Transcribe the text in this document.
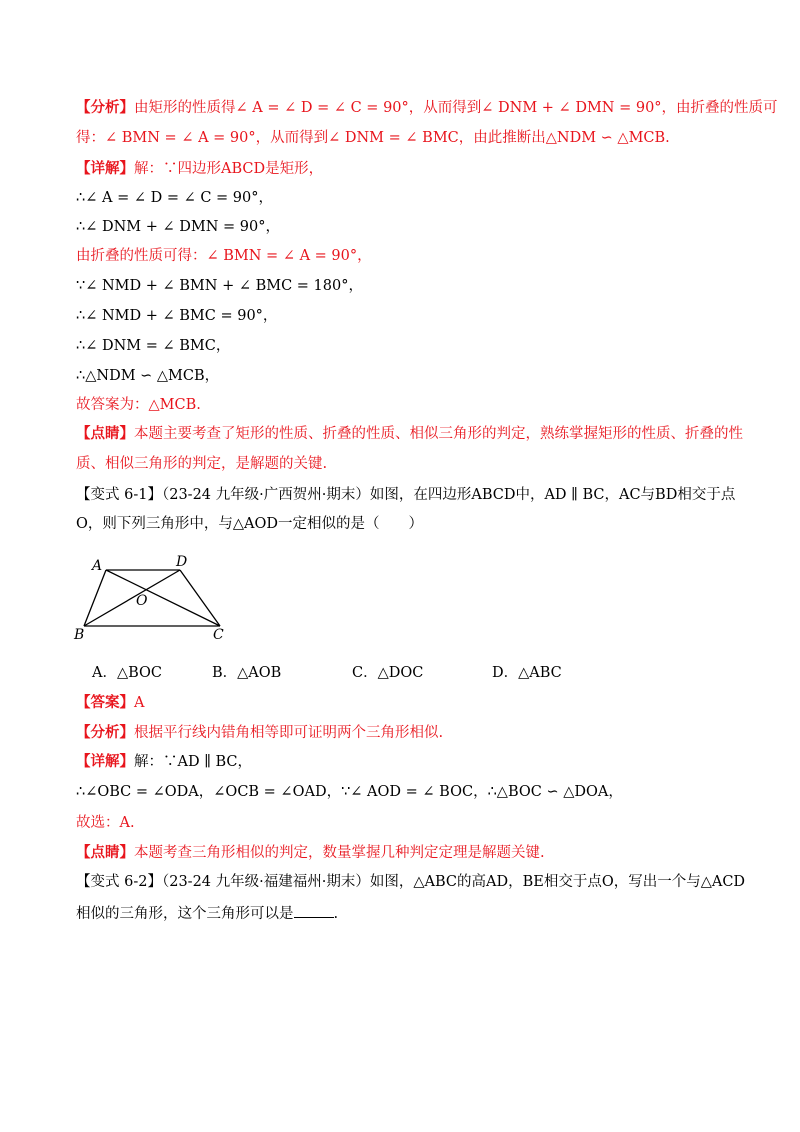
【分析】由矩形的性质得∠ A = ∠ D = ∠ C = 90°，从而得到∠ DNM + ∠ DMN = 90°，由折叠的性质可
得：∠ BMN = ∠ A = 90°，从而得到∠ DNM = ∠ BMC，由此推断出△NDM ∽ △MCB.
【详解】解：∵四边形ABCD是矩形，
∴∠ A = ∠ D = ∠ C = 90°，
∴∠ DNM + ∠ DMN = 90°，
由折叠的性质可得：∠ BMN = ∠ A = 90°，
∵∠ NMD + ∠ BMN + ∠ BMC = 180°，
∴∠ NMD + ∠ BMC = 90°，
∴∠ DNM = ∠ BMC，
∴△NDM ∽ △MCB，
故答案为：△MCB.
【点睛】本题主要考查了矩形的性质、折叠的性质、相似三角形的判定，熟练掌握矩形的性质、折叠的性
质、相似三角形的判定，是解题的关键.
【变式 6-1】（23-24 九年级·广西贺州·期末）如图，在四边形ABCD中，AD ∥ BC，AC与BD相交于点
O，则下列三角形中，与△AOD一定相似的是（　　）
A	D
O
B	C
A．△BOC	B．△AOB	C．△DOC	D．△ABC
【答案】A
【分析】根据平行线内错角相等即可证明两个三角形相似.
【详解】解：∵AD ∥ BC，
∴∠OBC = ∠ODA，∠OCB = ∠OAD，∵∠ AOD = ∠ BOC，∴△BOC ∽ △DOA，
故选：A.
【点睛】本题考查三角形相似的判定，数量掌握几种判定定理是解题关键.
【变式 6-2】（23-24 九年级·福建福州·期末）如图，△ABC的高AD，BE相交于点O，写出一个与△ACD
相似的三角形，这个三角形可以是	.
